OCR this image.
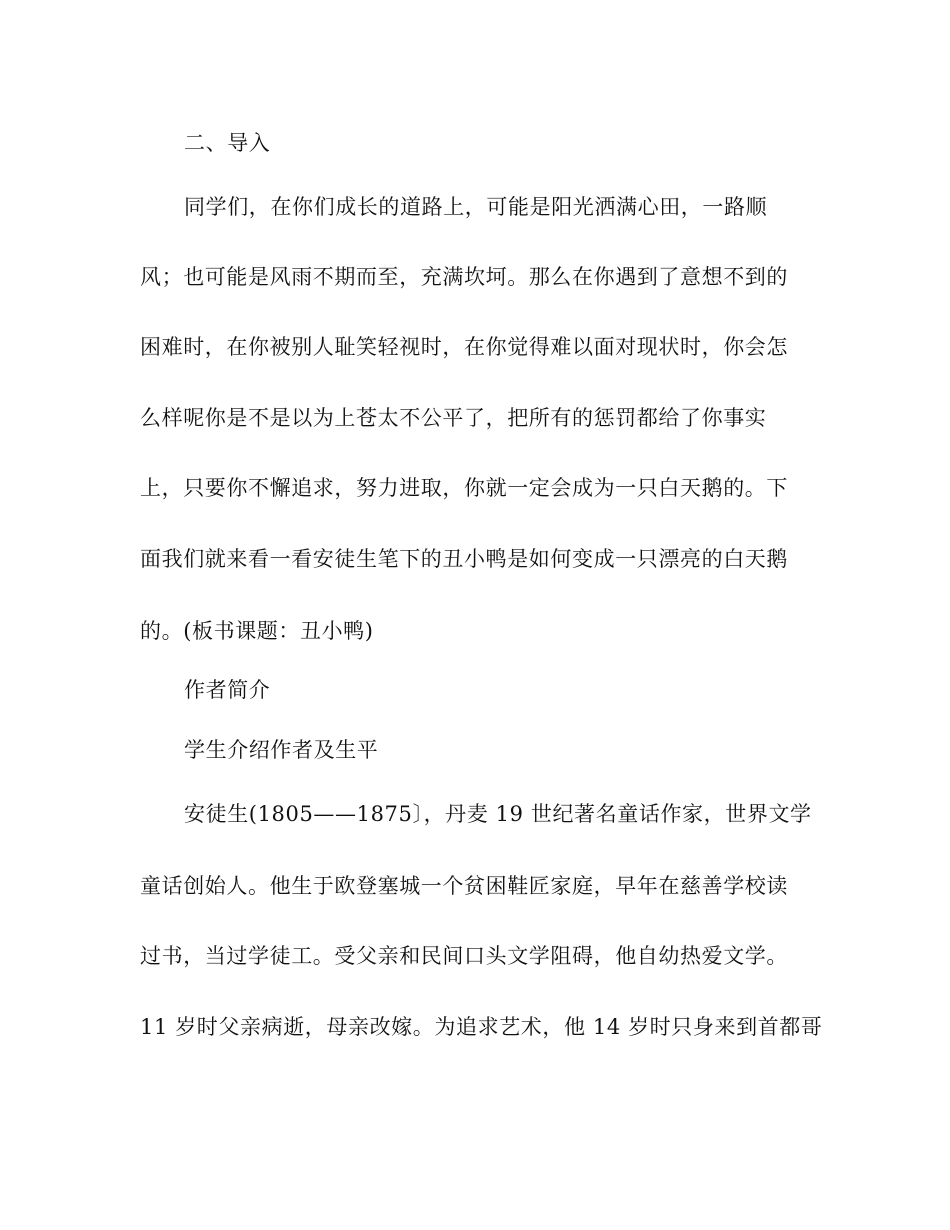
二、导入
同学们，在你们成长的道路上，可能是阳光洒满心田，一路顺
风；也可能是风雨不期而至，充满坎坷。那么在你遇到了意想不到的
困难时，在你被别人耻笑轻视时，在你觉得难以面对现状时，你会怎
么样呢你是不是以为上苍太不公平了，把所有的惩罚都给了你事实
上，只要你不懈追求，努力进取，你就一定会成为一只白天鹅的。下
面我们就来看一看安徒生笔下的丑小鸭是如何变成一只漂亮的白天鹅
的。(板书课题：丑小鸭)
作者简介
学生介绍作者及生平
安徒生(1805——1875〕，丹麦 19 世纪著名童话作家，世界文学
童话创始人。他生于欧登塞城一个贫困鞋匠家庭，早年在慈善学校读
过书，当过学徒工。受父亲和民间口头文学阻碍，他自幼热爱文学。
11 岁时父亲病逝，母亲改嫁。为追求艺术，他 14 岁时只身来到首都哥
